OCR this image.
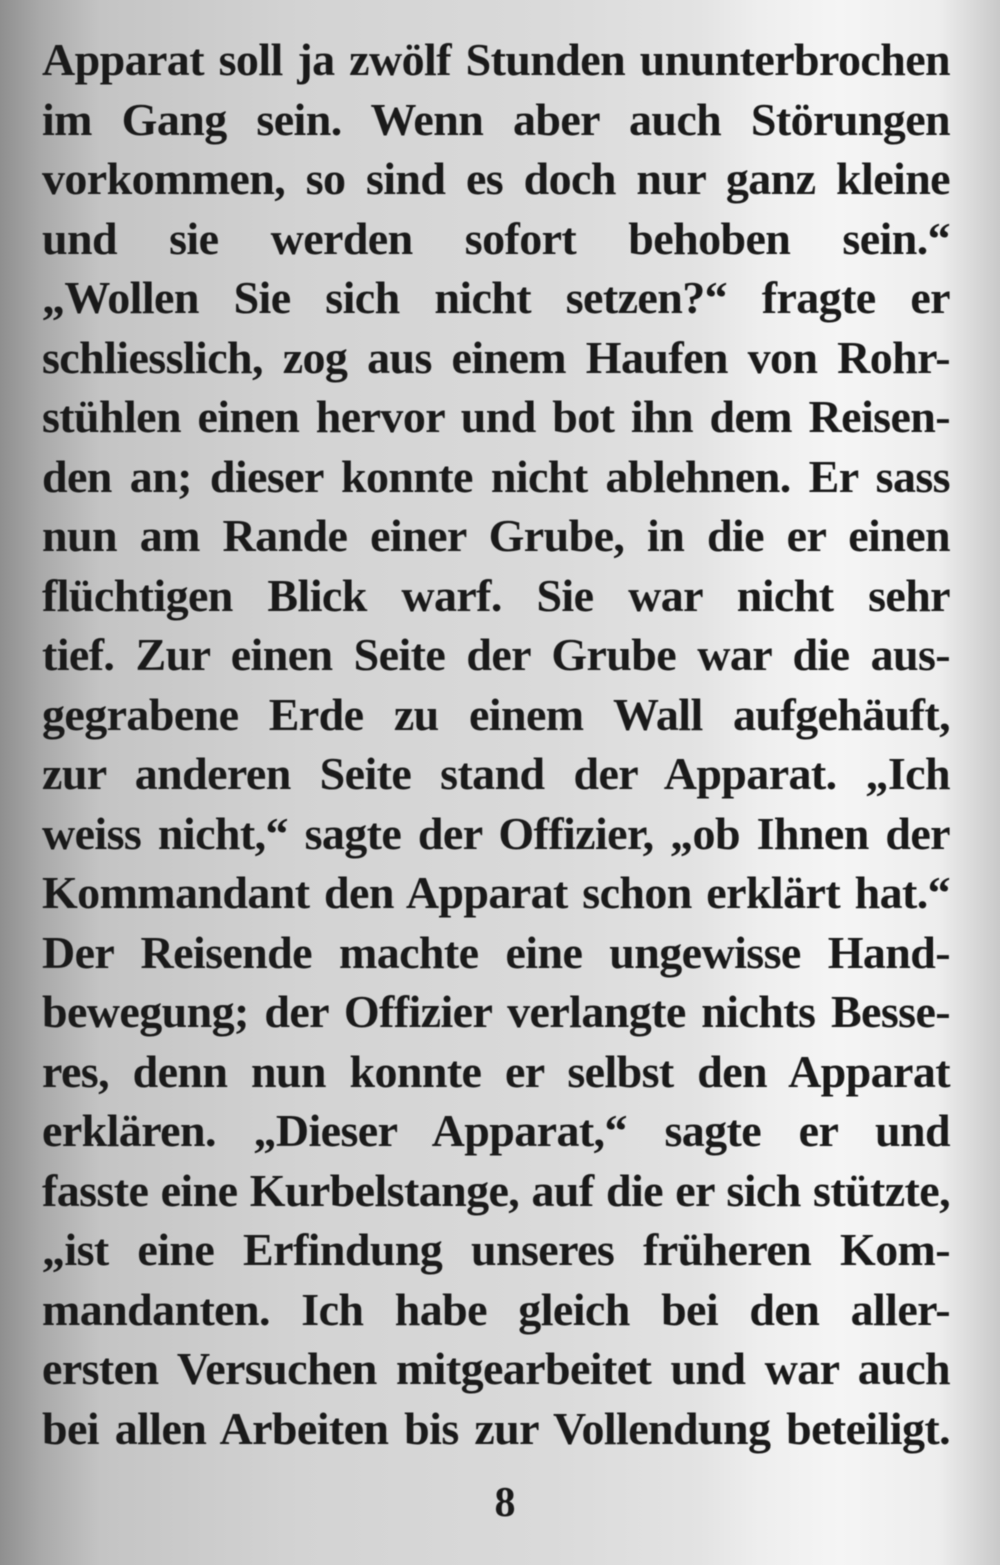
Apparat soll ja zwölf Stunden ununterbrochen
im Gang sein. Wenn aber auch Störungen
vorkommen, so sind es doch nur ganz kleine
und sie werden sofort behoben sein.“
„Wollen Sie sich nicht setzen?“ fragte er
schliesslich, zog aus einem Haufen von Rohr-
stühlen einen hervor und bot ihn dem Reisen-
den an; dieser konnte nicht ablehnen. Er sass
nun am Rande einer Grube, in die er einen
flüchtigen Blick warf. Sie war nicht sehr
tief. Zur einen Seite der Grube war die aus-
gegrabene Erde zu einem Wall aufgehäuft,
zur anderen Seite stand der Apparat. „Ich
weiss nicht,“ sagte der Offizier, „ob Ihnen der
Kommandant den Apparat schon erklärt hat.“
Der Reisende machte eine ungewisse Hand-
bewegung; der Offizier verlangte nichts Besse-
res, denn nun konnte er selbst den Apparat
erklären. „Dieser Apparat,“ sagte er und
fasste eine Kurbelstange, auf die er sich stützte,
„ist eine Erfindung unseres früheren Kom-
mandanten. Ich habe gleich bei den aller-
ersten Versuchen mitgearbeitet und war auch
bei allen Arbeiten bis zur Vollendung beteiligt.
8
